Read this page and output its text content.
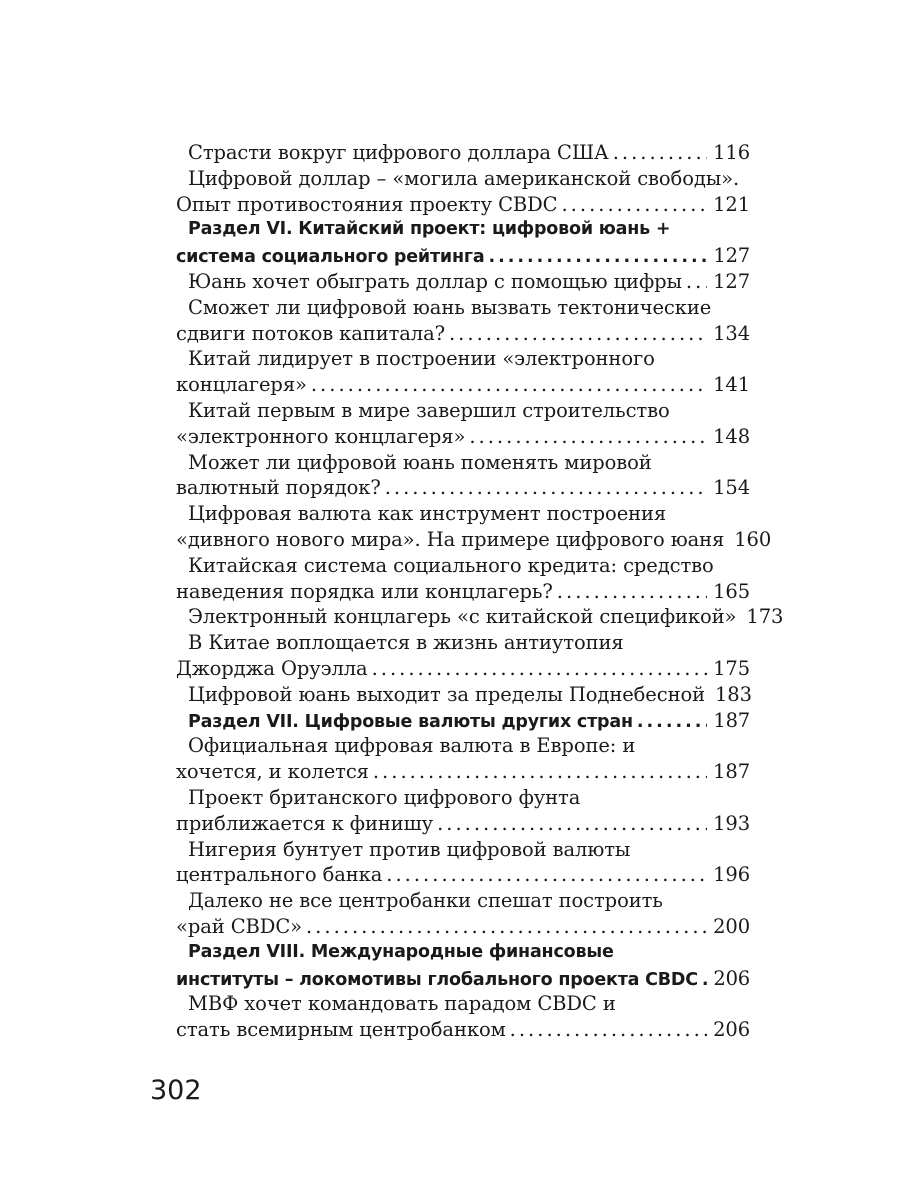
Страсти вокруг цифрового доллара США .....	116
Цифровой доллар – «могила американской свободы».
Опыт противостояния проекту CBDC .....	121
Раздел VI. Китайский проект: цифровой юань +
система социального рейтинга .....	127
Юань хочет обыграть доллар с помощью цифры ..... 127
Сможет ли цифровой юань вызвать тектонические
сдвиги потоков капитала? .....	134
Китай лидирует в построении «электронного
концлагеря» .....	141
Китай первым в мире завершил строительство
«электронного концлагеря» .....	148
Может ли цифровой юань поменять мировой
валютный порядок? .....	154
Цифровая валюта как инструмент построения
«дивного нового мира». На примере цифрового юаня 160
Китайская система социального кредита: средство
наведения порядка или концлагерь? .....	165
Электронный концлагерь «с китайской спецификой» 173
В Китае воплощается в жизнь антиутопия
Джорджа Оруэлла .....	175
Цифровой юань выходит за пределы Поднебесной 183
Раздел VII. Цифровые валюты других стран .....	187
Официальная цифровая валюта в Европе: и
хочется, и колется .....	187
Проект британского цифрового фунта
приближается к финишу .....	193
Нигерия бунтует против цифровой валюты
центрального банка .....	196
Далеко не все центробанки спешат построить
«рай CBDC» .....	200
Раздел VIII. Международные финансовые
институты – локомотивы глобального проекта CBDC ..... 206
МВФ хочет командовать парадом CBDC и
стать всемирным центробанком .....	206
302
